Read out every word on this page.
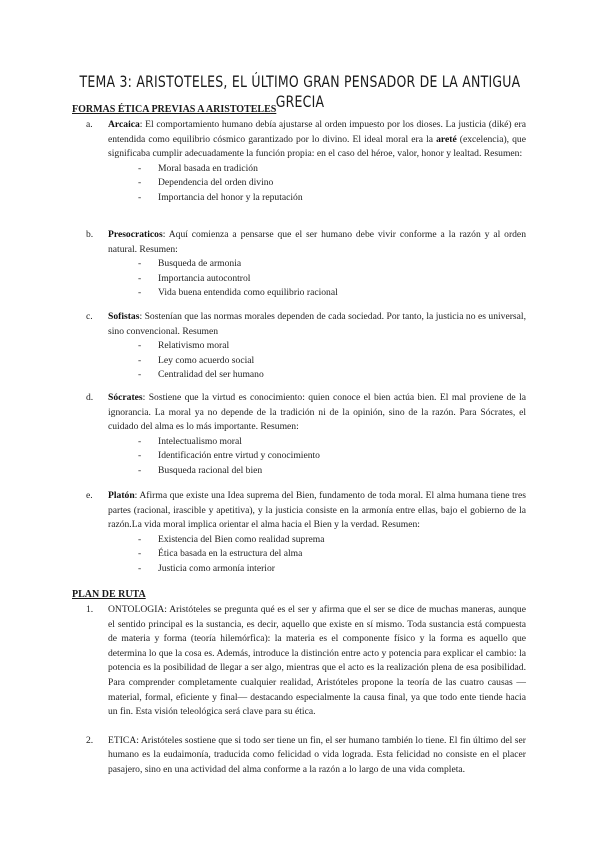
TEMA 3: ARISTOTELES, EL ÚLTIMO GRAN PENSADOR DE LA ANTIGUA GRECIA
FORMAS ÉTICA PREVIAS A ARISTOTELES
a. Arcaica: El comportamiento humano debía ajustarse al orden impuesto por los dioses. La justicia (diké) era entendida como equilibrio cósmico garantizado por lo divino. El ideal moral era la areté (excelencia), que significaba cumplir adecuadamente la función propia: en el caso del héroe, valor, honor y lealtad. Resumen:
- Moral basada en tradición
- Dependencia del orden divino
- Importancia del honor y la reputación
b. Presocraticos: Aquí comienza a pensarse que el ser humano debe vivir conforme a la razón y al orden natural. Resumen:
- Busqueda de armonia
- Importancia autocontrol
- Vida buena entendida como equilibrio racional
c. Sofistas: Sostenían que las normas morales dependen de cada sociedad. Por tanto, la justicia no es universal, sino convencional. Resumen
- Relativismo moral
- Ley como acuerdo social
- Centralidad del ser humano
d. Sócrates: Sostiene que la virtud es conocimiento: quien conoce el bien actúa bien. El mal proviene de la ignorancia. La moral ya no depende de la tradición ni de la opinión, sino de la razón. Para Sócrates, el cuidado del alma es lo más importante. Resumen:
- Intelectualismo moral
- Identificación entre virtud y conocimiento
- Busqueda racional del bien
e. Platón: Afirma que existe una Idea suprema del Bien, fundamento de toda moral. El alma humana tiene tres partes (racional, irascible y apetitiva), y la justicia consiste en la armonía entre ellas, bajo el gobierno de la razón.La vida moral implica orientar el alma hacia el Bien y la verdad. Resumen:
- Existencia del Bien como realidad suprema
- Ética basada en la estructura del alma
- Justicia como armonía interior
PLAN DE RUTA
1. ONTOLOGIA: Aristóteles se pregunta qué es el ser y afirma que el ser se dice de muchas maneras, aunque el sentido principal es la sustancia, es decir, aquello que existe en sí mismo. Toda sustancia está compuesta de materia y forma (teoría hilemórfica): la materia es el componente físico y la forma es aquello que determina lo que la cosa es. Además, introduce la distinción entre acto y potencia para explicar el cambio: la potencia es la posibilidad de llegar a ser algo, mientras que el acto es la realización plena de esa posibilidad. Para comprender completamente cualquier realidad, Aristóteles propone la teoría de las cuatro causas —material, formal, eficiente y final— destacando especialmente la causa final, ya que todo ente tiende hacia un fin. Esta visión teleológica será clave para su ética.
2. ETICA: Aristóteles sostiene que si todo ser tiene un fin, el ser humano también lo tiene. El fin último del ser humano es la eudaimonía, traducida como felicidad o vida lograda. Esta felicidad no consiste en el placer pasajero, sino en una actividad del alma conforme a la razón a lo largo de una vida completa.
